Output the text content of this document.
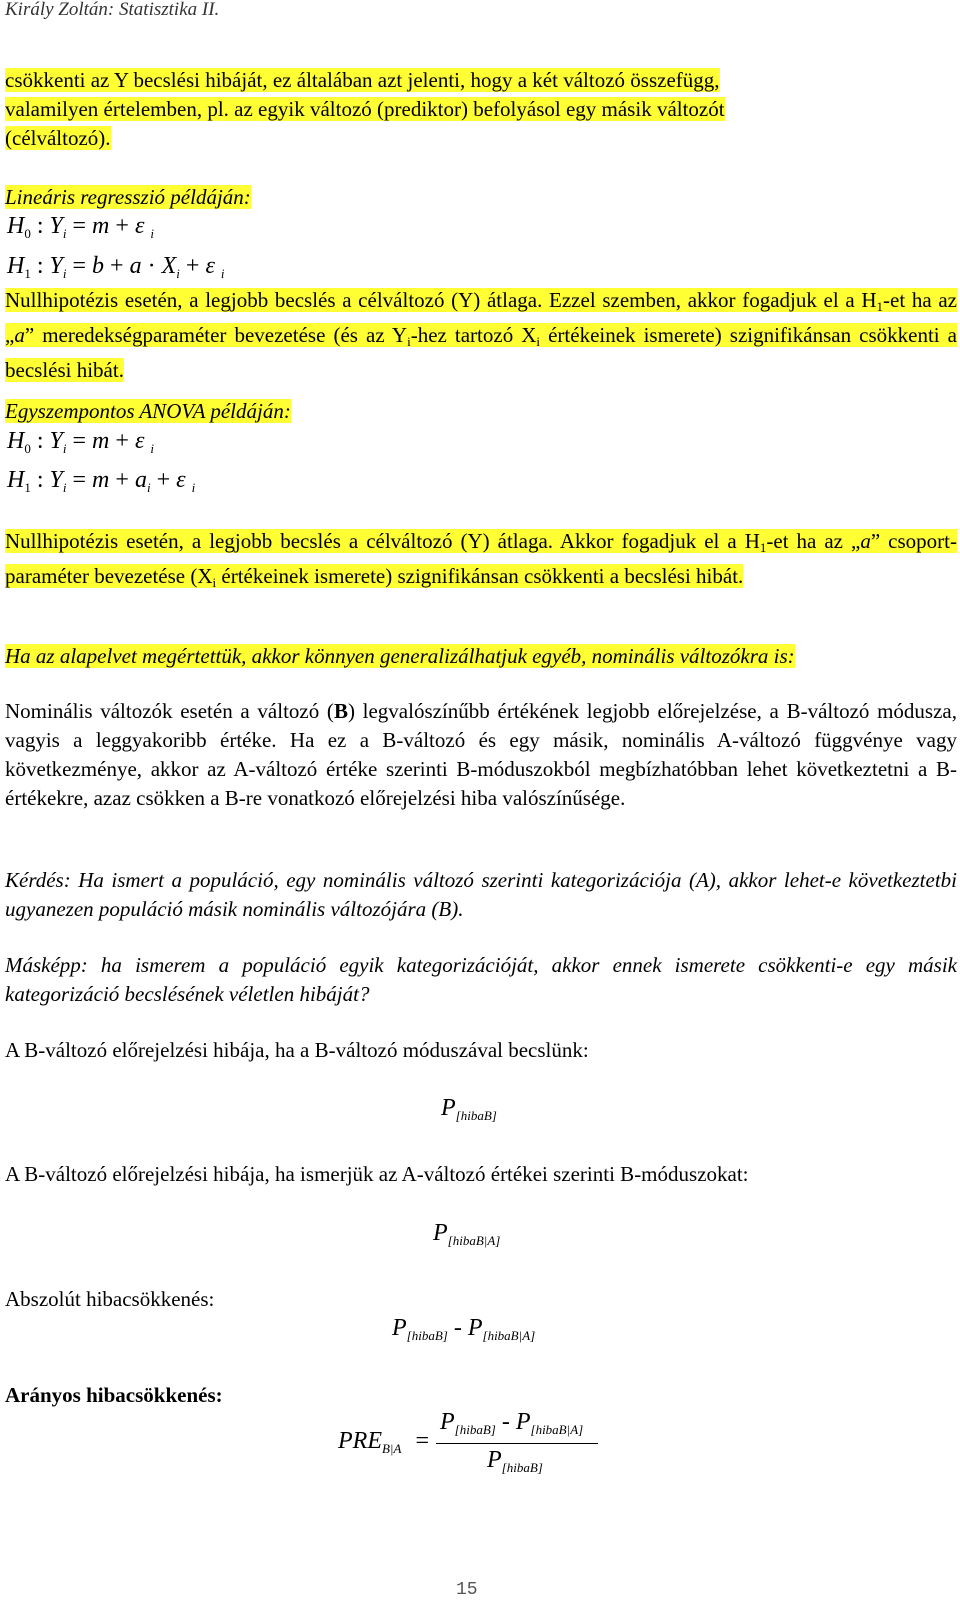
Király Zoltán: Statisztika II.
csökkenti az Y becslési hibáját, ez általában azt jelenti, hogy a két változó összefügg,
valamilyen értelemben, pl. az egyik változó (prediktor) befolyásol egy másik változót
(célváltozó).
Lineáris regresszió példáján:
$H_0$ : $Y_i = m + \varepsilon$ $_i$
$H_1$ : $Y_i = b + a \cdot X_i + \varepsilon$ $_i$
Nullhipotézis esetén, a legjobb becslés a célváltozó (Y) átlaga. Ezzel szemben, akkor fogadjuk el a $H_1-et$ ha az „a” meredekségparaméter bevezetése (és az $Y_i$-hez tartozó $X_i$ értékeinek ismerete) szignifikánsan csökkenti a becslési hibát.
Egyszempontos ANOVA példáján:
$H_0$ : $Y_i = m + \varepsilon$ $_i$
$H_1$ : $Y_i = m + a_i + \varepsilon$ $_i$
Nullhipotézis esetén, a legjobb becslés a célváltozó (Y) átlaga. Akkor fogadjuk el a $H_1-et$ ha az „a” csoport-paraméter bevezetése ($X_i$ értékeinek ismerete) szignifikánsan csökkenti a becslési hibát.
Ha az alapelvet megértettük, akkor könnyen generalizálhatjuk egyéb, nominális változókra is:
Nominális változók esetén a változó (B) legvalószínűbb értékének legjobb előrejelzése, a B-változó módusza, vagyis a leggyakoribb értéke. Ha ez a B-változó és egy másik, nominális A-változó függvénye vagy következménye, akkor az A-változó értéke szerinti B-móduszokból megbízhatóbban lehet következtetni a B-értékekre, azaz csökken a B-re vonatkozó előrejelzési hiba valószínűsége.
Kérdés: Ha ismert a populáció, egy nominális változó szerinti kategorizációja (A), akkor lehet-e következtetbi ugyanezen populáció másik nominális változójára (B).
Másképp: ha ismerem a populáció egyik kategorizációját, akkor ennek ismerete csökkenti-e egy másik kategorizáció becslésének véletlen hibáját?
A B-változó előrejelzési hibája, ha a B-változó móduszával becslünk:
$P_{[hibaB]}$
A B-változó előrejelzési hibája, ha ismerjük az A-változó értékei szerinti B-móduszokat:
$P_{[hibaB|A]}$
Abszolút hibacsökkenés:
$P_{[hibaB]} - P_{[hibaB|A]}$
Arányos hibacsökkenés:
$PRE_{B|A}$ =
$P_{[hibaB]} - P_{[hibaB|A]}$
$P_{[hibaB]}$
15
